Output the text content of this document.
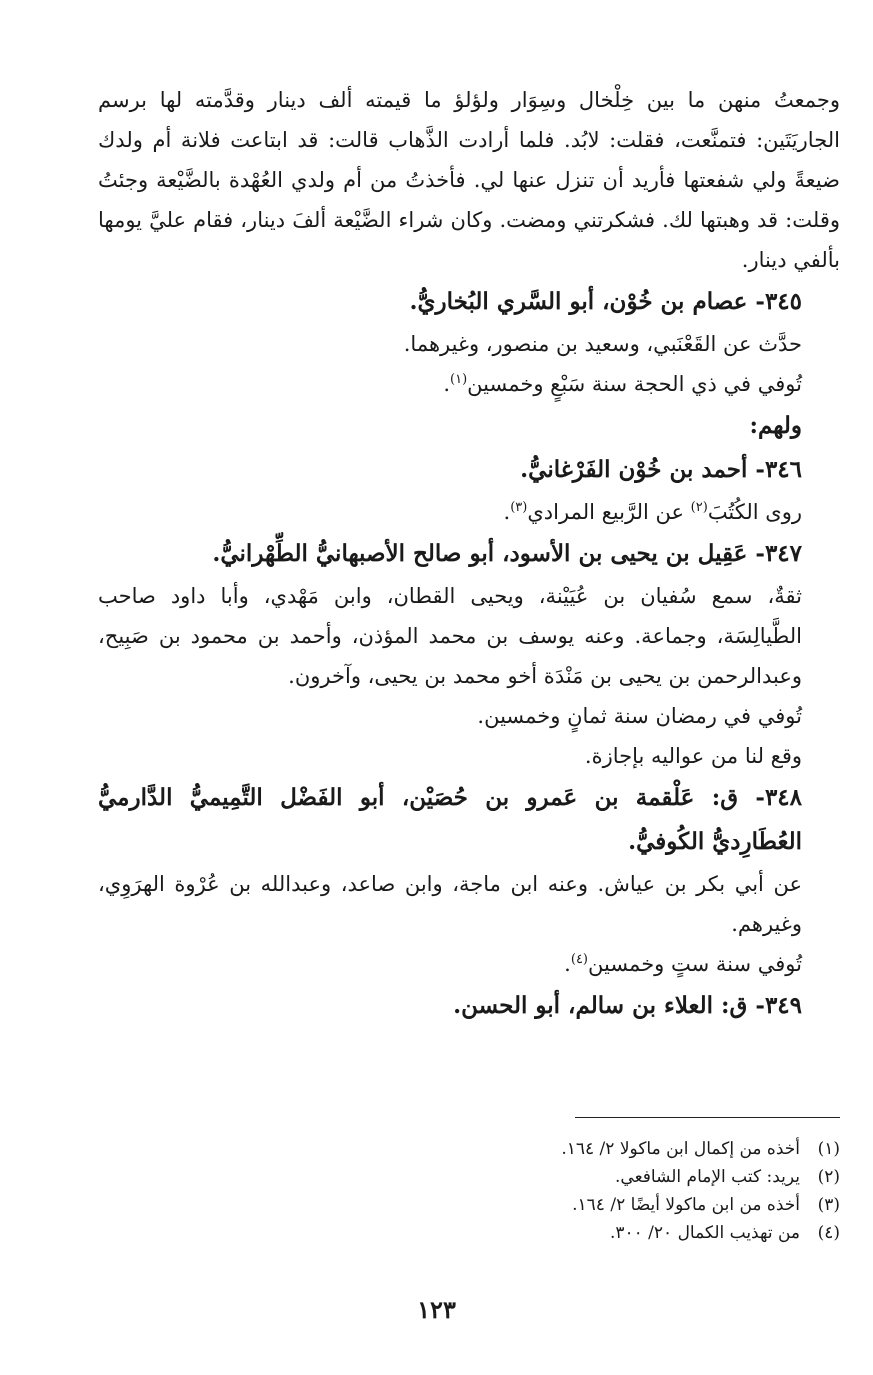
وجمعتُ منهن ما بين خِلْخال وسِوَار ولؤلؤ ما قيمته ألف دينار وقدَّمته لها برسم الجاريَتَين: فتمنَّعت، فقلت: لابُد. فلما أرادت الذَّهاب قالت: قد ابتاعت فلانة أم ولدك ضيعةً ولي شفعتها فأريد أن تنزل عنها لي. فأخذتُ من أم ولدي العُهْدة بالضَّيْعة وجئتُ وقلت: قد وهبتها لك. فشكرتني ومضت. وكان شراء الضَّيْعة ألفَ دينار، فقام عليَّ يومها بألفي دينار.

٣٤٥- عصام بن خُوْن، أبو السَّري البُخاريُّ.

حدَّث عن القَعْنَبي، وسعيد بن منصور، وغيرهما.

تُوفي في ذي الحجة سنة سَبْعٍ وخمسين$^{(١)}$.

ولهم:

٣٤٦- أحمد بن خُوْن الفَرْغانيُّ.

روى الكُتُبَ$^{(٢)}$ عن الرَّبيع المرادي$^{(٣)}$.

٣٤٧- عَقِيل بن يحيى بن الأسود، أبو صالح الأصبهانيُّ الطِّهْرانيُّ.

ثقةٌ، سمع سُفيان بن عُيَيْنة، ويحيى القطان، وابن مَهْدي، وأبا داود صاحب الطَّيالِسَة، وجماعة. وعنه يوسف بن محمد المؤذن، وأحمد بن محمود بن صَبِيح، وعبدالرحمن بن يحيى بن مَنْدَة أخو محمد بن يحيى، وآخرون.

تُوفي في رمضان سنة ثمانٍ وخمسين.

وقع لنا من عواليه بإجازة.

٣٤٨- ق: عَلْقمة بن عَمرو بن حُصَيْن، أبو الفَضْل التَّمِيميُّ الدَّارميُّ العُطَارِديُّ الكُوفيُّ.

عن أبي بكر بن عياش. وعنه ابن ماجة، وابن صاعد، وعبدالله بن عُرْوة الهرَوِي، وغيرهم.

تُوفي سنة ستٍ وخمسين$^{(٤)}$.

٣٤٩- ق: العلاء بن سالم، أبو الحسن.

(١)أخذه من إكمال ابن ماكولا ٢/ ١٦٤.

(٢)يريد: كتب الإمام الشافعي.

(٣)أخذه من ابن ماكولا أيضًا ٢/ ١٦٤.

(٤)من تهذيب الكمال ٢٠/ ٣٠٠.

١٢٣
